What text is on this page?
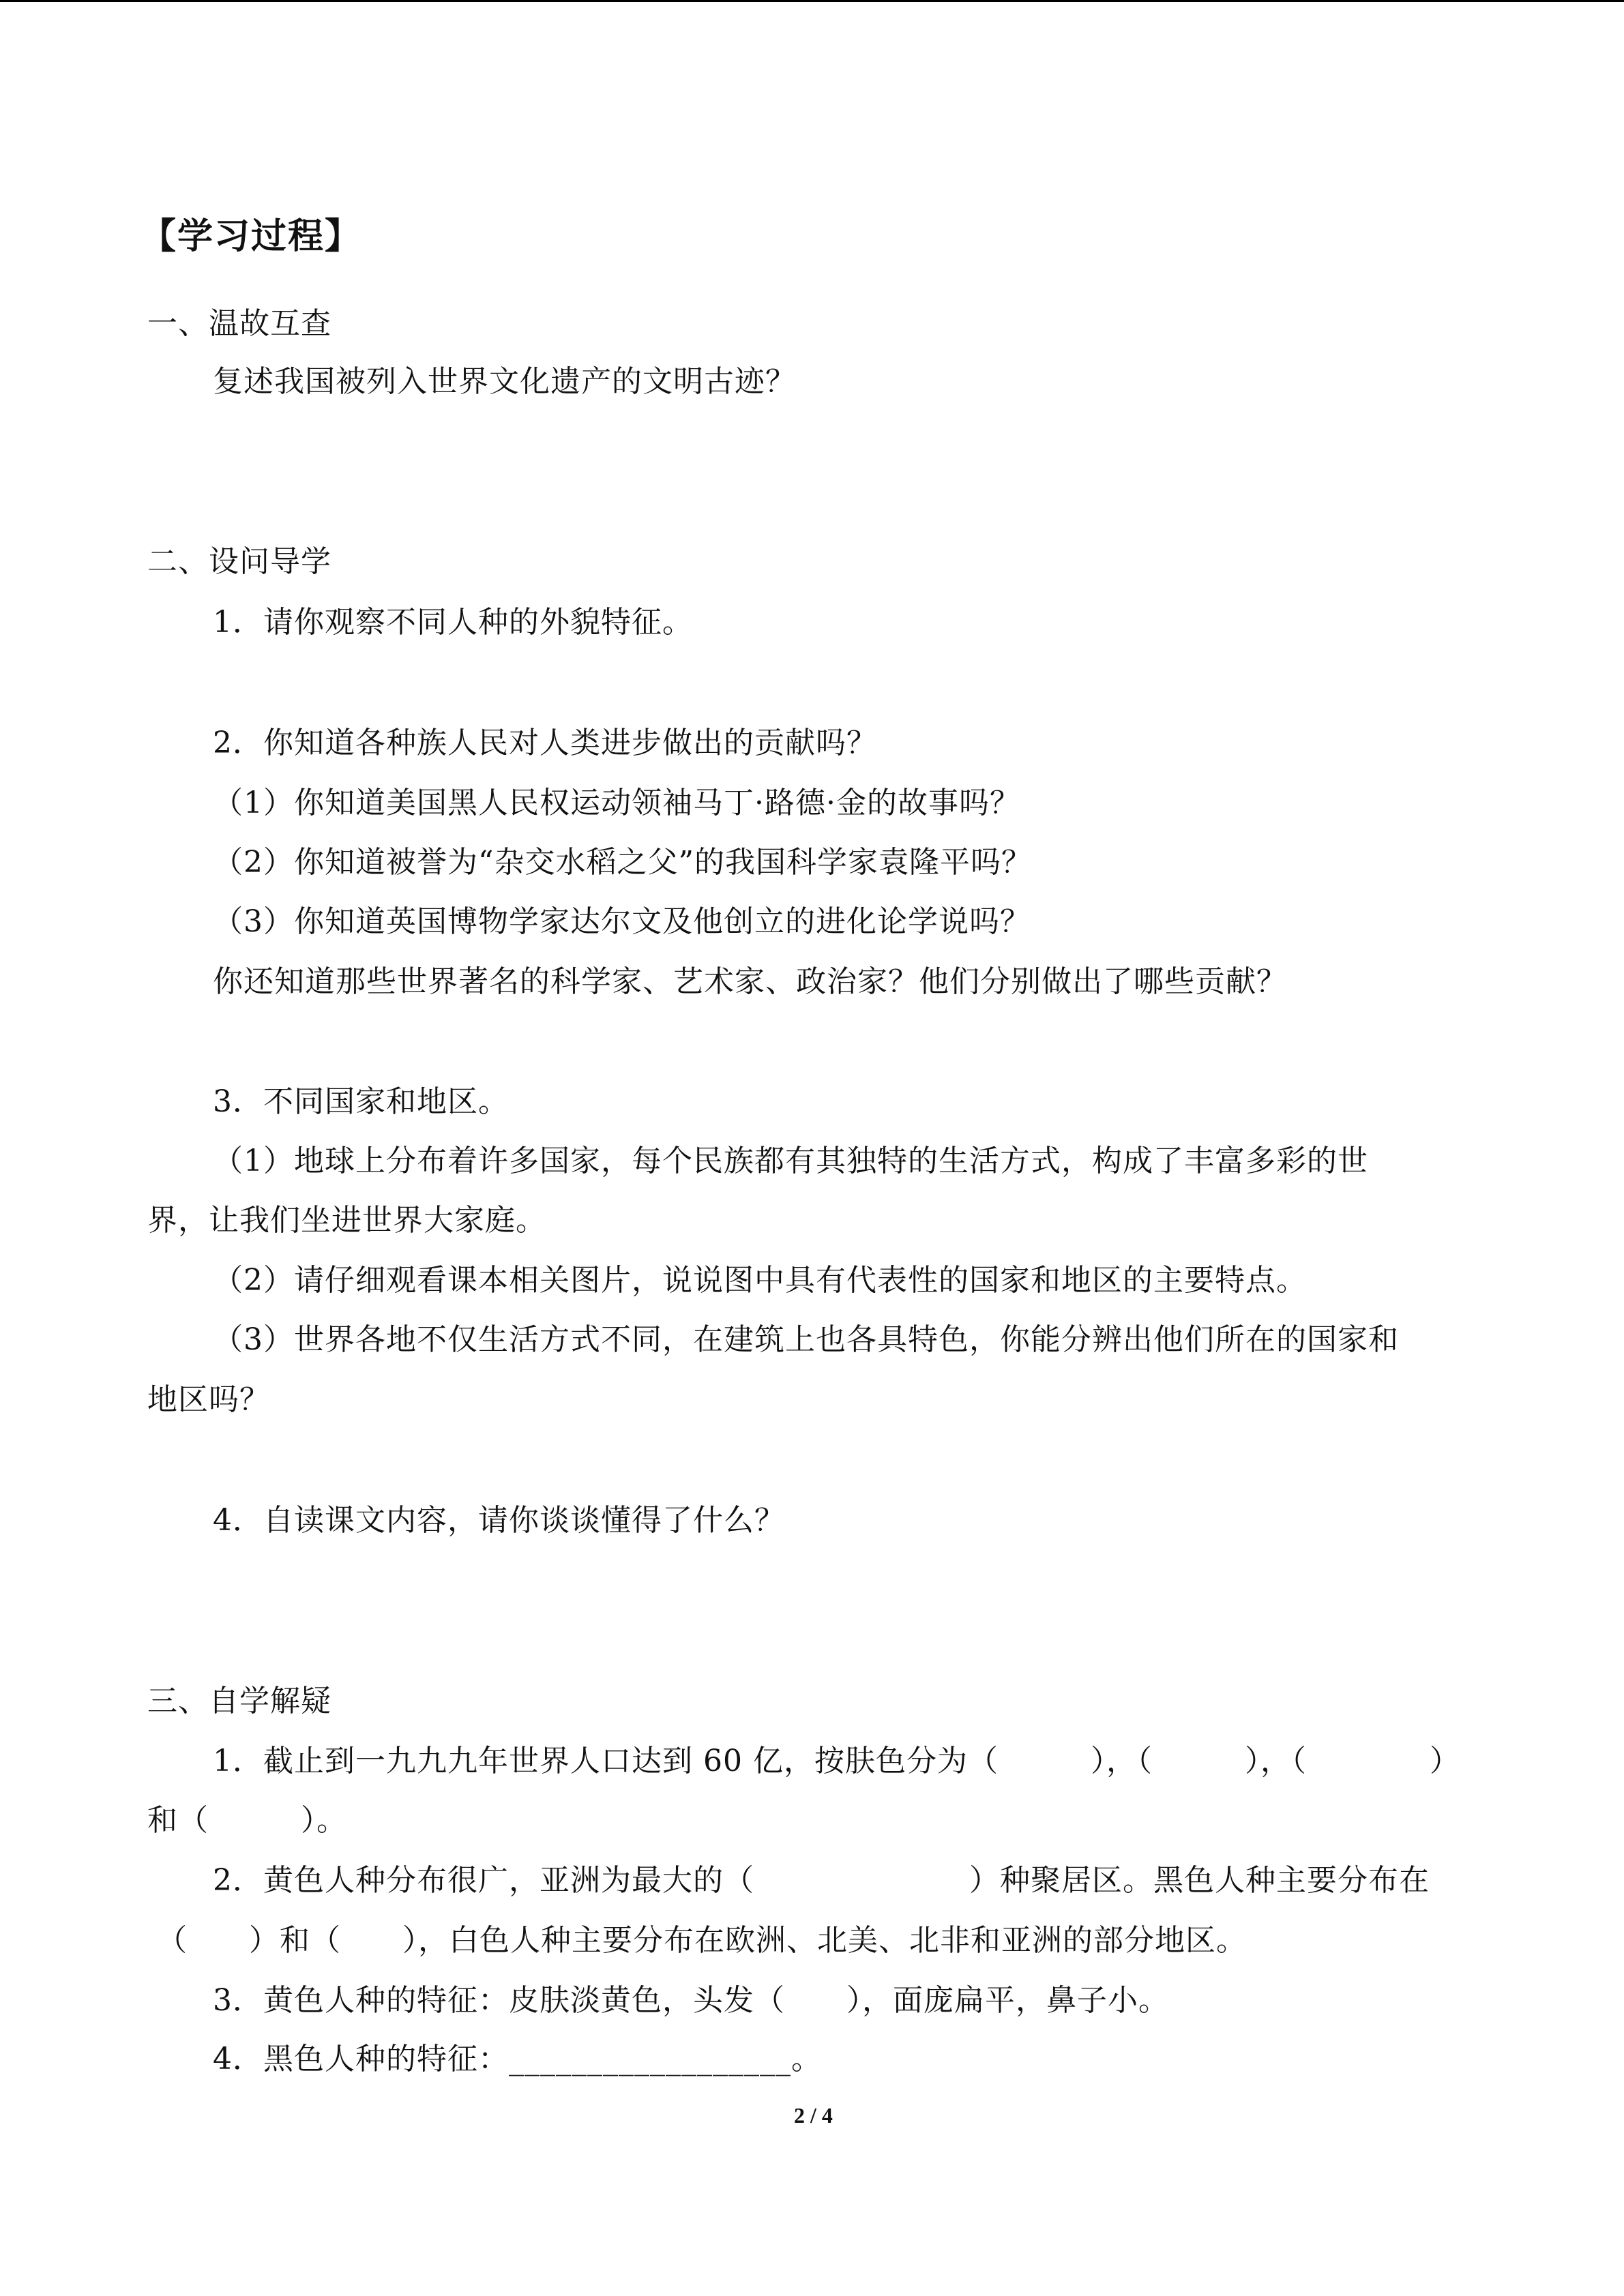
【学习过程】
一、温故互查
复述我国被列入世界文化遗产的文明古迹？
二、设问导学
1．请你观察不同人种的外貌特征。
2．你知道各种族人民对人类进步做出的贡献吗？
（1）你知道美国黑人民权运动领袖马丁·路德·金的故事吗？
（2）你知道被誉为“杂交水稻之父”的我国科学家袁隆平吗？
（3）你知道英国博物学家达尔文及他创立的进化论学说吗？
你还知道那些世界著名的科学家、艺术家、政治家？他们分别做出了哪些贡献？
3．不同国家和地区。
（1）地球上分布着许多国家，每个民族都有其独特的生活方式，构成了丰富多彩的世
界，让我们坐进世界大家庭。
（2）请仔细观看课本相关图片，说说图中具有代表性的国家和地区的主要特点。
（3）世界各地不仅生活方式不同，在建筑上也各具特色，你能分辨出他们所在的国家和
地区吗？
4．自读课文内容，请你谈谈懂得了什么？
三、自学解疑
1．截止到一九九九年世界人口达到 60 亿，按肤色分为（　　　），（　　　），（　　　　）
和（　　　）。
2．黄色人种分布很广，亚洲为最大的（　　　　　　　）种聚居区。黑色人种主要分布在
（　　）和（　　），白色人种主要分布在欧洲、北美、北非和亚洲的部分地区。
3．黄色人种的特征：皮肤淡黄色，头发（　　），面庞扁平，鼻子小。
4．黑色人种的特征：__________________。
2 / 4
